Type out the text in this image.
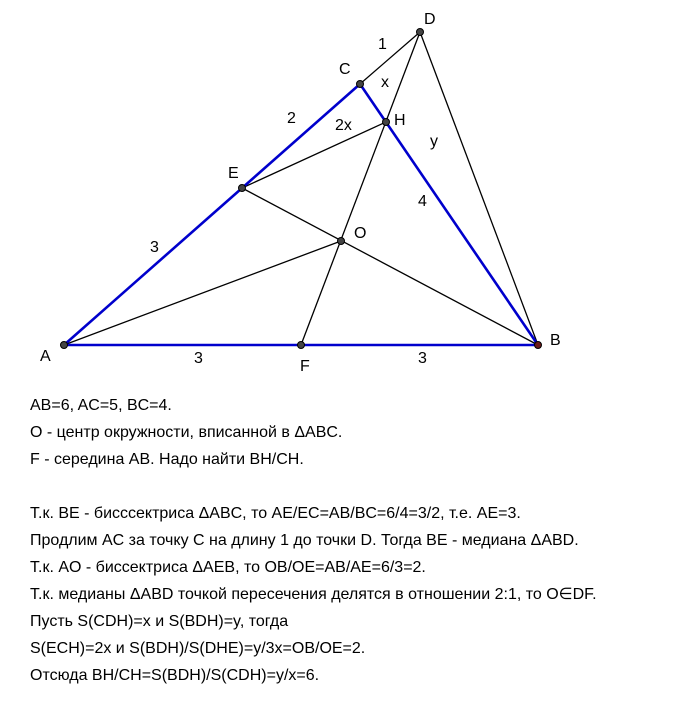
A
B
C
D
E
F
H
O
1
x
2x
2
y
4
3
3	3
AB=6, AC=5, BC=4.
O - центр окружности, вписанной в ΔABC.
F - середина AB. Надо найти BH/CH.
Т.к. BE - бисссектриса ΔABC, то AE/EC=AB/BC=6/4=3/2, т.е. AE=3.
Продлим AC за точку C на длину 1 до точки D. Тогда BE - медиана ΔABD.
Т.к. AO - биссектриса ΔAEB, то OB/OE=AB/AE=6/3=2.
Т.к. медианы ΔABD точкой пересечения делятся в отношении 2:1, то O∈DF.
Пусть S(CDH)=x и S(BDH)=y, тогда
S(ECH)=2x и S(BDH)/S(DHE)=y/3x=OB/OE=2.
Отсюда BH/CH=S(BDH)/S(CDH)=y/x=6.
